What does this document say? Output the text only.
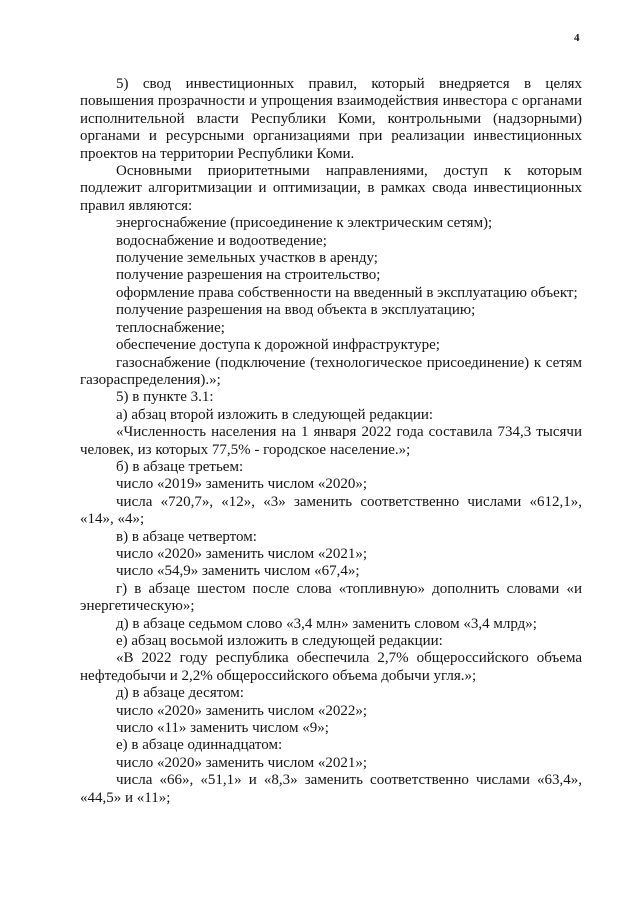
4

5) свод инвестиционных правил, который внедряется в целях повышения прозрачности и упрощения взаимодействия инвестора с органами исполнительной власти Республики Коми, контрольными (надзорными) органами и ресурсными организациями при реализации инвестиционных проектов на территории Республики Коми.

Основными приоритетными направлениями, доступ к которым подлежит алгоритмизации и оптимизации, в рамках свода инвестиционных правил являются:

энергоснабжение (присоединение к электрическим сетям);

водоснабжение и водоотведение;

получение земельных участков в аренду;

получение разрешения на строительство;

оформление права собственности на введенный в эксплуатацию объект;

получение разрешения на ввод объекта в эксплуатацию;

теплоснабжение;

обеспечение доступа к дорожной инфраструктуре;

газоснабжение (подключение (технологическое присоединение) к сетям газораспределения).»;

5) в пункте 3.1:

а) абзац второй изложить в следующей редакции:

«Численность населения на 1 января 2022 года составила 734,3 тысячи человек, из которых 77,5% - городское население.»;

б) в абзаце третьем:

число «2019» заменить числом «2020»;

числа «720,7», «12», «3» заменить соответственно числами «612,1», «14», «4»;

в) в абзаце четвертом:

число «2020» заменить числом «2021»;

число «54,9» заменить числом «67,4»;

г) в абзаце шестом после слова «топливную» дополнить словами «и энергетическую»;

д) в абзаце седьмом слово «3,4 млн» заменить словом «3,4 млрд»;

е) абзац восьмой изложить в следующей редакции:

«В 2022 году республика обеспечила 2,7% общероссийского объема нефтедобычи и 2,2% общероссийского объема добычи угля.»;

д) в абзаце десятом:

число «2020» заменить числом «2022»;

число «11» заменить числом «9»;

е) в абзаце одиннадцатом:

число «2020» заменить числом «2021»;

числа «66», «51,1» и «8,3» заменить соответственно числами «63,4», «44,5» и «11»;
